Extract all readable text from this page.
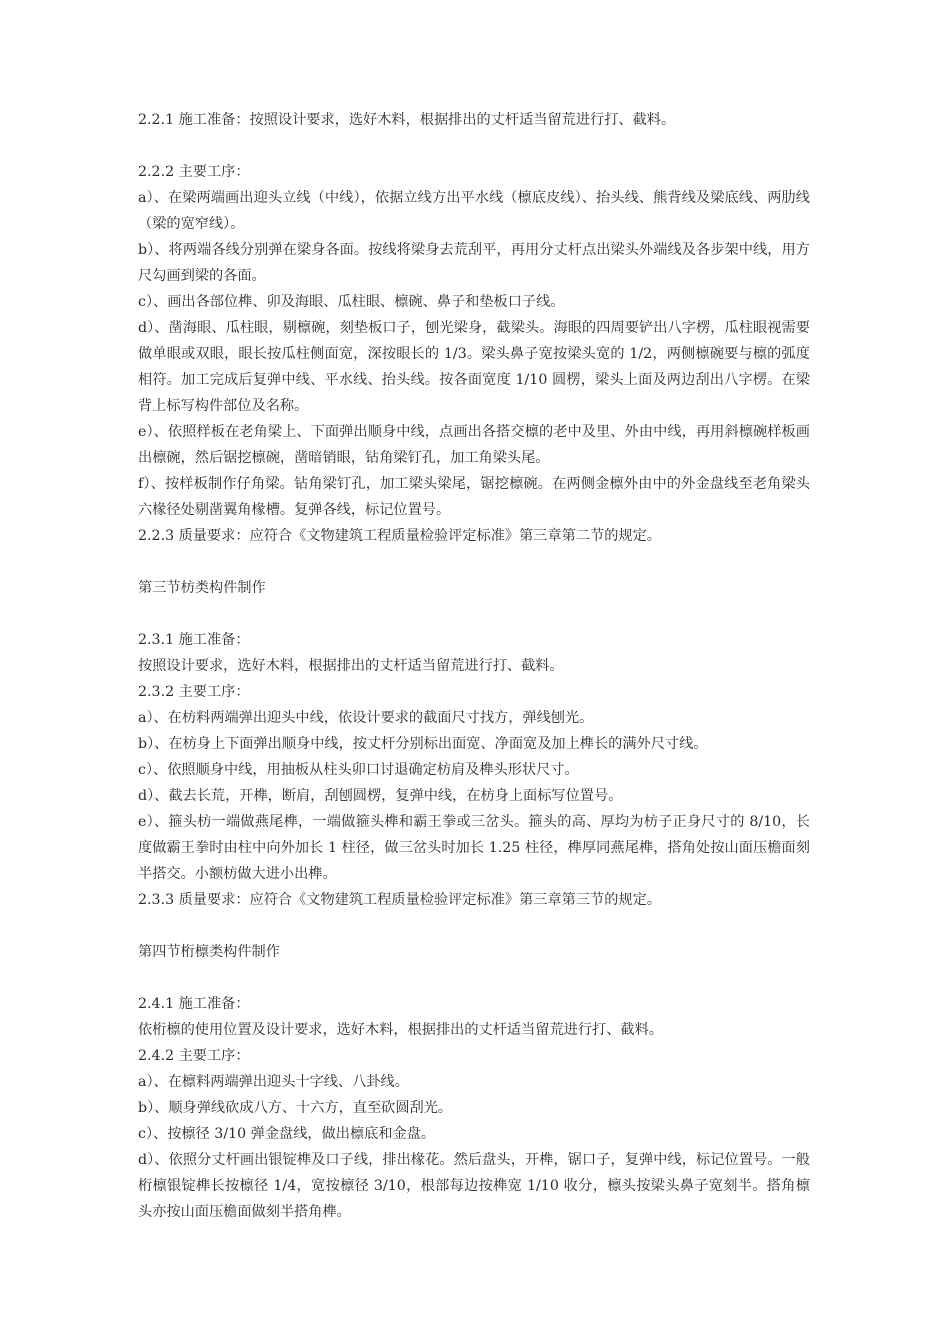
2.2.1 施工准备：按照设计要求，选好木料，根据排出的丈杆适当留荒进行打、截料。

2.2.2 主要工序：

a）、在梁两端画出迎头立线（中线），依据立线方出平水线（檩底皮线）、抬头线、熊背线及梁底线、两肋线（梁的宽窄线）。

b）、将两端各线分别弹在梁身各面。按线将梁身去荒刮平，再用分丈杆点出梁头外端线及各步架中线，用方尺勾画到梁的各面。

c）、画出各部位榫、卯及海眼、瓜柱眼、檩碗、鼻子和垫板口子线。

d）、凿海眼、瓜柱眼，剔檩碗，刻垫板口子，刨光梁身，截梁头。海眼的四周要铲出八字楞，瓜柱眼视需要做单眼或双眼，眼长按瓜柱侧面宽，深按眼长的 1/3。梁头鼻子宽按梁头宽的 1/2，两侧檩碗要与檩的弧度相符。加工完成后复弹中线、平水线、抬头线。按各面宽度 1/10 圆楞，梁头上面及两边刮出八字楞。在梁背上标写构件部位及名称。

e）、依照样板在老角梁上、下面弹出顺身中线，点画出各搭交檩的老中及里、外由中线，再用斜檩碗样板画出檩碗，然后锯挖檩碗，凿暗销眼，钻角梁钉孔，加工角梁头尾。

f）、按样板制作仔角梁。钻角梁钉孔，加工梁头梁尾，锯挖檩碗。在两侧金檩外由中的外金盘线至老角梁头六椽径处剔凿翼角椽槽。复弹各线，标记位置号。

2.2.3 质量要求：应符合《文物建筑工程质量检验评定标准》第三章第二节的规定。

第三节枋类构件制作

2.3.1 施工准备：

按照设计要求，选好木料，根据排出的丈杆适当留荒进行打、截料。

2.3.2 主要工序：

a）、在枋料两端弹出迎头中线，依设计要求的截面尺寸找方，弹线刨光。

b）、在枋身上下面弹出顺身中线，按丈杆分别标出面宽、净面宽及加上榫长的满外尺寸线。

c）、依照顺身中线，用抽板从柱头卯口讨退确定枋肩及榫头形状尺寸。

d）、截去长荒，开榫，断肩，刮刨圆楞，复弹中线，在枋身上面标写位置号。

e）、箍头枋一端做燕尾榫，一端做箍头榫和霸王拳或三岔头。箍头的高、厚均为枋子正身尺寸的 8/10，长度做霸王拳时由柱中向外加长 1 柱径，做三岔头时加长 1.25 柱径，榫厚同燕尾榫，搭角处按山面压檐面刻半搭交。小额枋做大进小出榫。

2.3.3 质量要求：应符合《文物建筑工程质量检验评定标准》第三章第三节的规定。

第四节桁檩类构件制作

2.4.1 施工准备：

依桁檩的使用位置及设计要求，选好木料，根据排出的丈杆适当留荒进行打、截料。

2.4.2 主要工序：

a）、在檩料两端弹出迎头十字线、八卦线。

b）、顺身弹线砍成八方、十六方，直至砍圆刮光。

c）、按檩径 3/10 弹金盘线，做出檩底和金盘。

d）、依照分丈杆画出银锭榫及口子线，排出椽花。然后盘头，开榫，锯口子，复弹中线，标记位置号。一般桁檩银锭榫长按檩径 1/4，宽按檩径 3/10，根部每边按榫宽 1/10 收分，檩头按梁头鼻子宽刻半。搭角檩头亦按山面压檐面做刻半搭角榫。
